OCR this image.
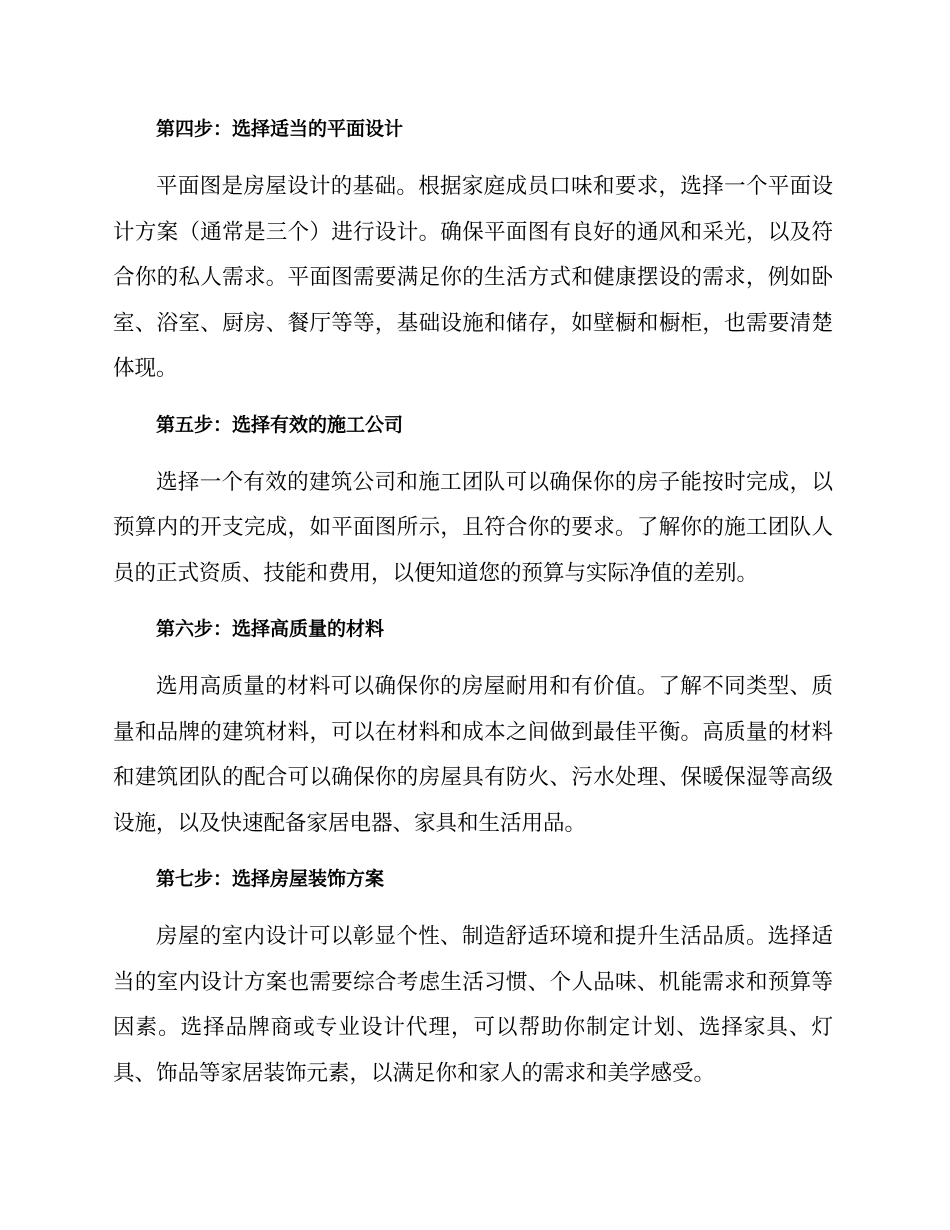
第四步：选择适当的平面设计

平面图是房屋设计的基础。根据家庭成员口味和要求，选择一个平面设计方案（通常是三个）进行设计。确保平面图有良好的通风和采光，以及符合你的私人需求。平面图需要满足你的生活方式和健康摆设的需求，例如卧室、浴室、厨房、餐厅等等，基础设施和储存，如壁橱和橱柜，也需要清楚体现。

第五步：选择有效的施工公司

选择一个有效的建筑公司和施工团队可以确保你的房子能按时完成，以预算内的开支完成，如平面图所示，且符合你的要求。了解你的施工团队人员的正式资质、技能和费用，以便知道您的预算与实际净值的差别。

第六步：选择高质量的材料

选用高质量的材料可以确保你的房屋耐用和有价值。了解不同类型、质量和品牌的建筑材料，可以在材料和成本之间做到最佳平衡。高质量的材料和建筑团队的配合可以确保你的房屋具有防火、污水处理、保暖保湿等高级设施，以及快速配备家居电器、家具和生活用品。

第七步：选择房屋装饰方案

房屋的室内设计可以彰显个性、制造舒适环境和提升生活品质。选择适当的室内设计方案也需要综合考虑生活习惯、个人品味、机能需求和预算等因素。选择品牌商或专业设计代理，可以帮助你制定计划、选择家具、灯具、饰品等家居装饰元素，以满足你和家人的需求和美学感受。
